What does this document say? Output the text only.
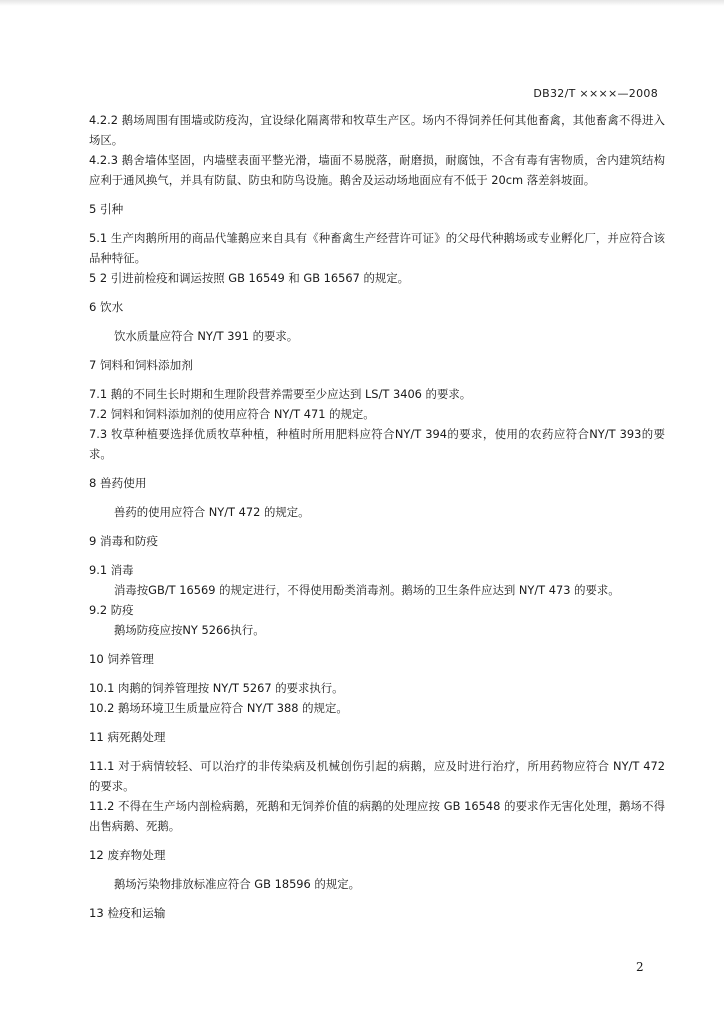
DB32/T ××××—2008

4.2.2 鹅场周围有围墙或防疫沟，宜设绿化隔离带和牧草生产区。场内不得饲养任何其他畜禽，其他畜禽不得进入场区。

4.2.3 鹅舍墙体坚固，内墙壁表面平整光滑，墙面不易脱落，耐磨损，耐腐蚀，不含有毒有害物质，舍内建筑结构应利于通风换气，并具有防鼠、防虫和防鸟设施。鹅舍及运动场地面应有不低于 20cm 落差斜坡面。

5 引种

5.1 生产肉鹅所用的商品代雏鹅应来自具有《种畜禽生产经营许可证》的父母代种鹅场或专业孵化厂，并应符合该品种特征。

5 2 引进前检疫和调运按照 GB 16549 和 GB 16567 的规定。

6 饮水

饮水质量应符合 NY/T 391 的要求。

7 饲料和饲料添加剂

7.1 鹅的不同生长时期和生理阶段营养需要至少应达到 LS/T 3406 的要求。

7.2 饲料和饲料添加剂的使用应符合 NY/T 471 的规定。

7.3 牧草种植要选择优质牧草种植，种植时所用肥料应符合NY/T 394的要求，使用的农药应符合NY/T 393的要求。

8 兽药使用

兽药的使用应符合 NY/T 472 的规定。

9 消毒和防疫

9.1 消毒

消毒按GB/T 16569 的规定进行，不得使用酚类消毒剂。鹅场的卫生条件应达到 NY/T 473 的要求。

9.2 防疫

鹅场防疫应按NY 5266执行。

10 饲养管理

10.1 肉鹅的饲养管理按 NY/T 5267 的要求执行。

10.2 鹅场环境卫生质量应符合 NY/T 388 的规定。

11 病死鹅处理

11.1 对于病情较轻、可以治疗的非传染病及机械创伤引起的病鹅，应及时进行治疗，所用药物应符合 NY/T 472 的要求。

11.2 不得在生产场内剖检病鹅，死鹅和无饲养价值的病鹅的处理应按 GB 16548 的要求作无害化处理，鹅场不得出售病鹅、死鹅。

12 废弃物处理

鹅场污染物排放标准应符合 GB 18596 的规定。

13 检疫和运输

2
